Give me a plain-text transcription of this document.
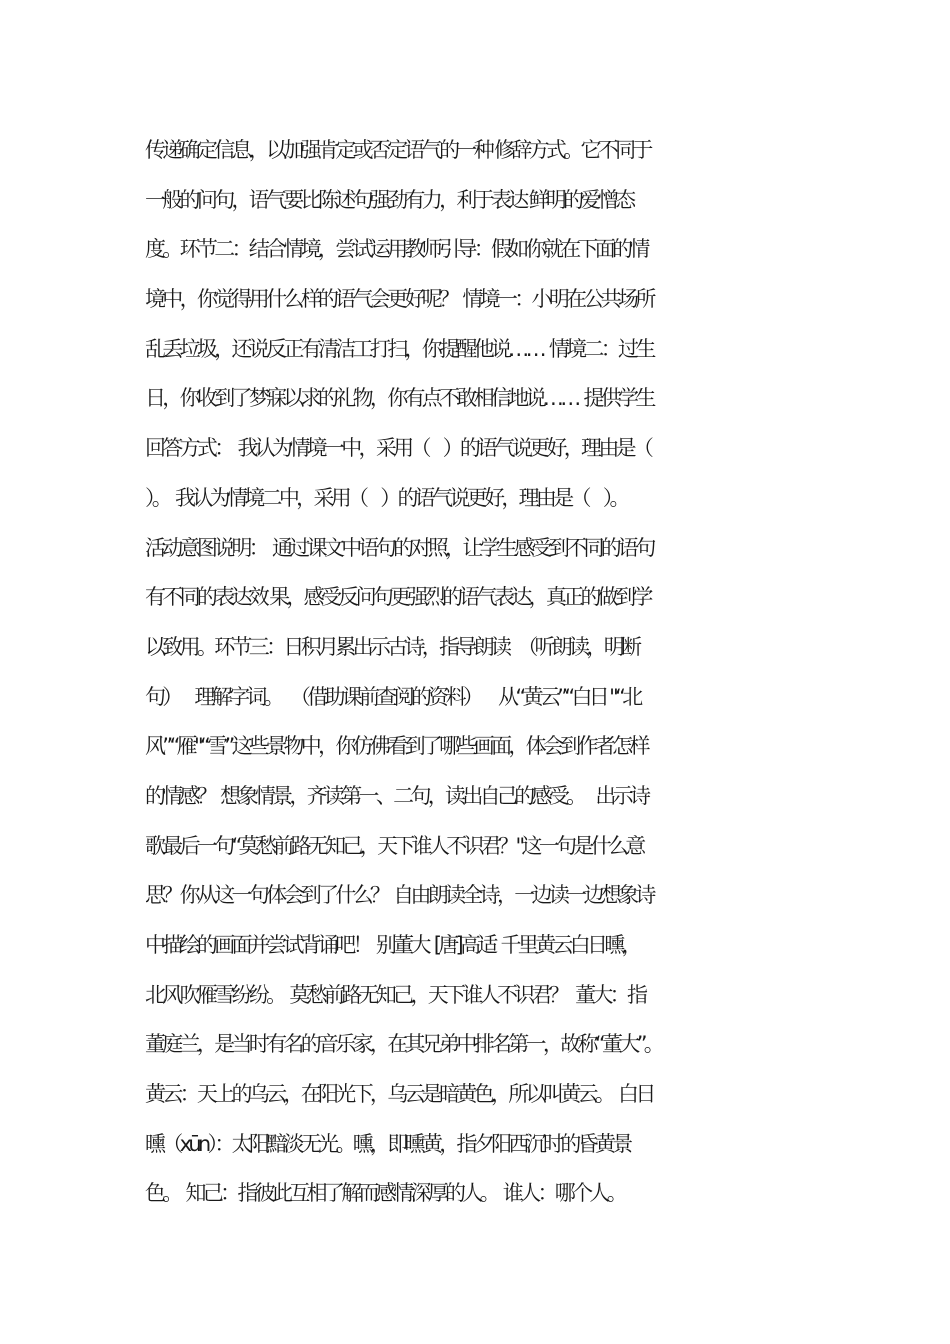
传递确定信息，以加强肯定或否定语气的一种 修辞方式。它不同于
一般的问句，语气要比陈述句强劲有力，利于表达 鲜明的爱憎态
度。环节二：结合情境，尝试运用教师引导：假如你就在下面的情
境中，你觉得用什么样的语气会更好呢？  情境一：小明在公共场所
乱丢垃圾，还说反正有清洁工打扫，你提醒他说……  情境二：过生
日，你收到了梦寐以求的礼物，你有点不敢相信地说……  提供学生
回答方式：  我认为情境一中，采用（     ）的语气说更好，理由是（
）。  我认为情境二中，采用（     ）的语气说更好，理由是（     ）。
活动意图说明：  通过课文中语句的对照，让学生感受到不同的语句
有不同的表达效 果，感受反问句更强烈的语气表达，真正的做到学
以致用。环节三：日积月累出示古诗，指导朗读   （听朗读，明断
句）     理解字词。   （借助课前查阅的资料）      从“黄云”“白日 "“北
风”“雁"“雪”这些景物中，你仿佛看到了哪些画面，体会到作者怎样
的情感？  想象情景，齐读第一、二句，读出自己的感受。    出示诗
歌最后一句“莫愁前路无知己，天下谁人不识君？"这一句是什么意
思？你从这一句体会到了什么？  自由朗读全诗，一边读一边想象诗
中描绘的画面并尝试背诵吧！  别董大  [唐]高适  千里黄云白日曛，
北风吹雁雪纷纷。  莫愁前路无知己，天下谁人不识君？   董大：指
董庭兰，是当时有名的音乐家，在其兄弟中排名第一，故称“董大”。
黄云：天上的乌云，在阳光下，乌云是暗黄色，所以叫黄云。  白日
曛（xūn）：太阳黯淡无光。曛，即曛黄，指夕阳西沉时的昏黄景
色。  知己：指彼此互相了解而感情深厚的人。  谁人：哪个人。
